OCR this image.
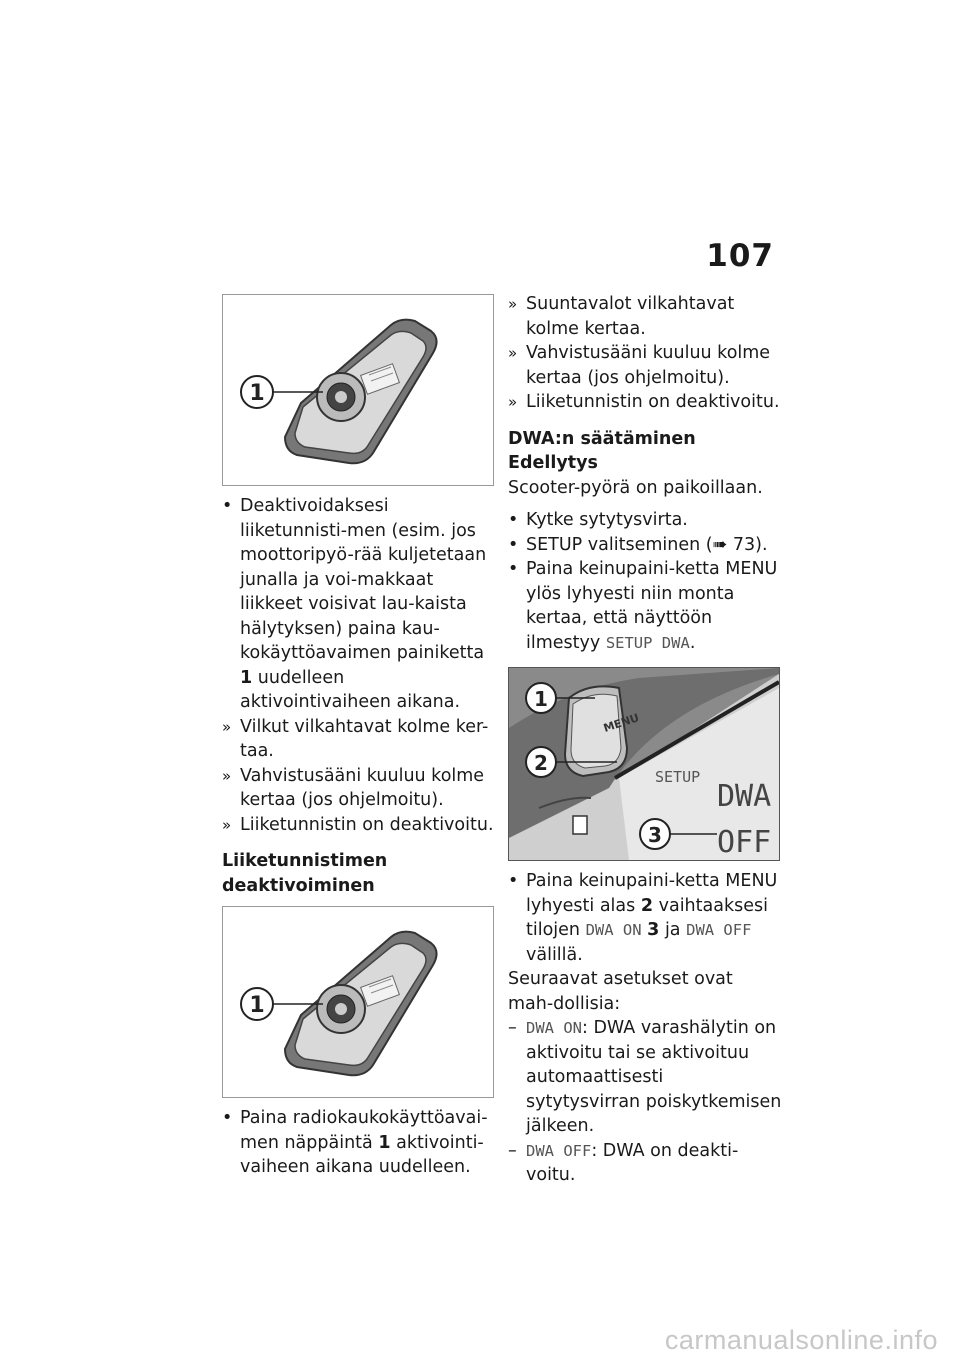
107
1

• Deaktivoidaksesi liiketunnisti-men (esim. jos moottoripyö-rää kuljetetaan junalla ja voi-makkaat liikkeet voisivat lau-kaista hälytyksen) paina kau-kokäyttöavaimen painiketta 1 uudelleen aktivointivaiheen aikana.

» Vilkut vilkahtavat kolme ker-taa.

» Vahvistusääni kuuluu kolme kertaa (jos ohjelmoitu).

» Liiketunnistin on deaktivoitu.

Liiketunnistimen deaktivoiminen

1

• Paina radiokaukokäyttöavai-men näppäintä 1 aktivointi-vaiheen aikana uudelleen.

» Suuntavalot vilkahtavat kolme kertaa.

» Vahvistusääni kuuluu kolme kertaa (jos ohjelmoitu).

» Liiketunnistin on deaktivoitu.

DWA:n säätäminen

Edellytys

Scooter-pyörä on paikoillaan.

• Kytke sytytysvirta.

• SETUP valitseminen (➠ 73).

• Paina keinupaini-ketta MENU ylös lyhyesti niin monta kertaa, että näyttöön ilmestyy SETUP DWA.

MENU
SETUP
DWA
OFF
1
2
3

• Paina keinupaini-ketta MENU lyhyesti alas 2 vaihtaaksesi tilojen DWA ON 3 ja DWA OFF välillä.

Seuraavat asetukset ovat mah-dollisia:

– DWA ON: DWA varashälytin on aktivoitu tai se aktivoituu automaattisesti sytytysvirran poiskytkemisen jälkeen.

– DWA OFF: DWA on deakti-voitu.

carmanualsonline.info
